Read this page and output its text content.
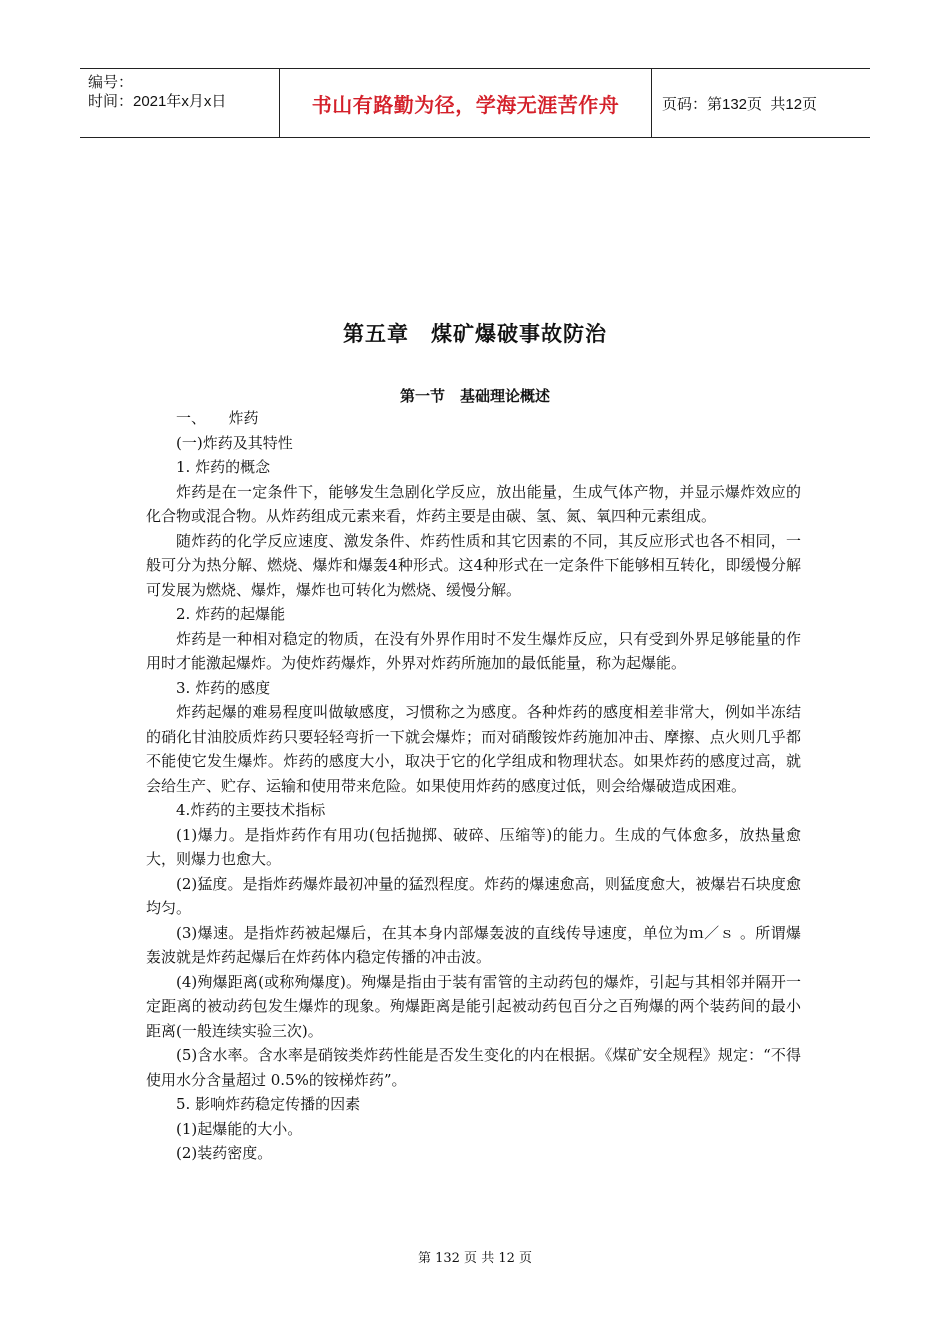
编号：
时间：2021年x月x日	书山有路勤为径，学海无涯苦作舟	页码：第132页  共12页
第五章　煤矿爆破事故防治
第一节　基础理论概述

一、　　炸药

(一)炸药及其特性

1. 炸药的概念

炸药是在一定条件下，能够发生急剧化学反应，放出能量，生成气体产物，并显示爆炸效应的化合物或混合物。从炸药组成元素来看，炸药主要是由碳、氢、氮、氧四种元素组成。

随炸药的化学反应速度、激发条件、炸药性质和其它因素的不同，其反应形式也各不相同，一般可分为热分解、燃烧、爆炸和爆轰4种形式。这4种形式在一定条件下能够相互转化，即缓慢分解可发展为燃烧、爆炸，爆炸也可转化为燃烧、缓慢分解。

2. 炸药的起爆能

炸药是一种相对稳定的物质，在没有外界作用时不发生爆炸反应，只有受到外界足够能量的作用时才能激起爆炸。为使炸药爆炸，外界对炸药所施加的最低能量，称为起爆能。

3. 炸药的感度

炸药起爆的难易程度叫做敏感度，习惯称之为感度。各种炸药的感度相差非常大，例如半冻结的硝化甘油胶质炸药只要轻轻弯折一下就会爆炸；而对硝酸铵炸药施加冲击、摩擦、点火则几乎都不能使它发生爆炸。炸药的感度大小，取决于它的化学组成和物理状态。如果炸药的感度过高，就会给生产、贮存、运输和使用带来危险。如果使用炸药的感度过低，则会给爆破造成困难。

4.炸药的主要技术指标

(1)爆力。是指炸药作有用功(包括抛掷、破碎、压缩等)的能力。生成的气体愈多，放热量愈大，则爆力也愈大。

(2)猛度。是指炸药爆炸最初冲量的猛烈程度。炸药的爆速愈高，则猛度愈大，被爆岩石块度愈均匀。

(3)爆速。是指炸药被起爆后，在其本身内部爆轰波的直线传导速度，单位为ｍ／ｓ 。所谓爆轰波就是炸药起爆后在炸药体内稳定传播的冲击波。

(4)殉爆距离(或称殉爆度)。殉爆是指由于装有雷管的主动药包的爆炸，引起与其相邻并隔开一定距离的被动药包发生爆炸的现象。殉爆距离是能引起被动药包百分之百殉爆的两个装药间的最小距离(一般连续实验三次)。

(5)含水率。含水率是硝铵类炸药性能是否发生变化的内在根据。《煤矿安全规程》规定：“不得使用水分含量超过 0.5%的铵梯炸药”。

5. 影响炸药稳定传播的因素

(1)起爆能的大小。

(2)装药密度。

第 132 页 共 12 页
